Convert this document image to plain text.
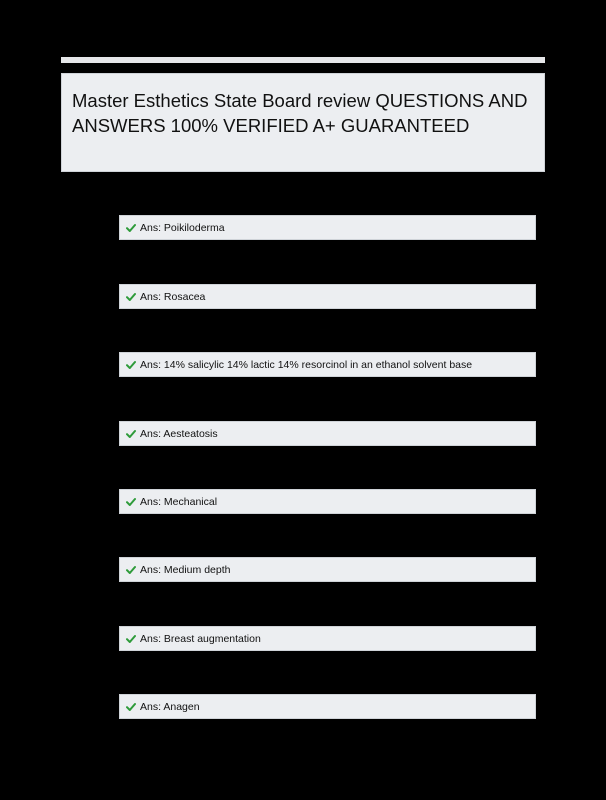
Master Esthetics State Board review QUESTIONS AND ANSWERS 100% VERIFIED A+ GUARANTEED
Ans: Poikiloderma
Ans: Rosacea
Ans: 14% salicylic 14% lactic 14% resorcinol in an ethanol solvent base
Ans: Aesteatosis
Ans: Mechanical
Ans: Medium depth
Ans: Breast augmentation
Ans: Anagen
